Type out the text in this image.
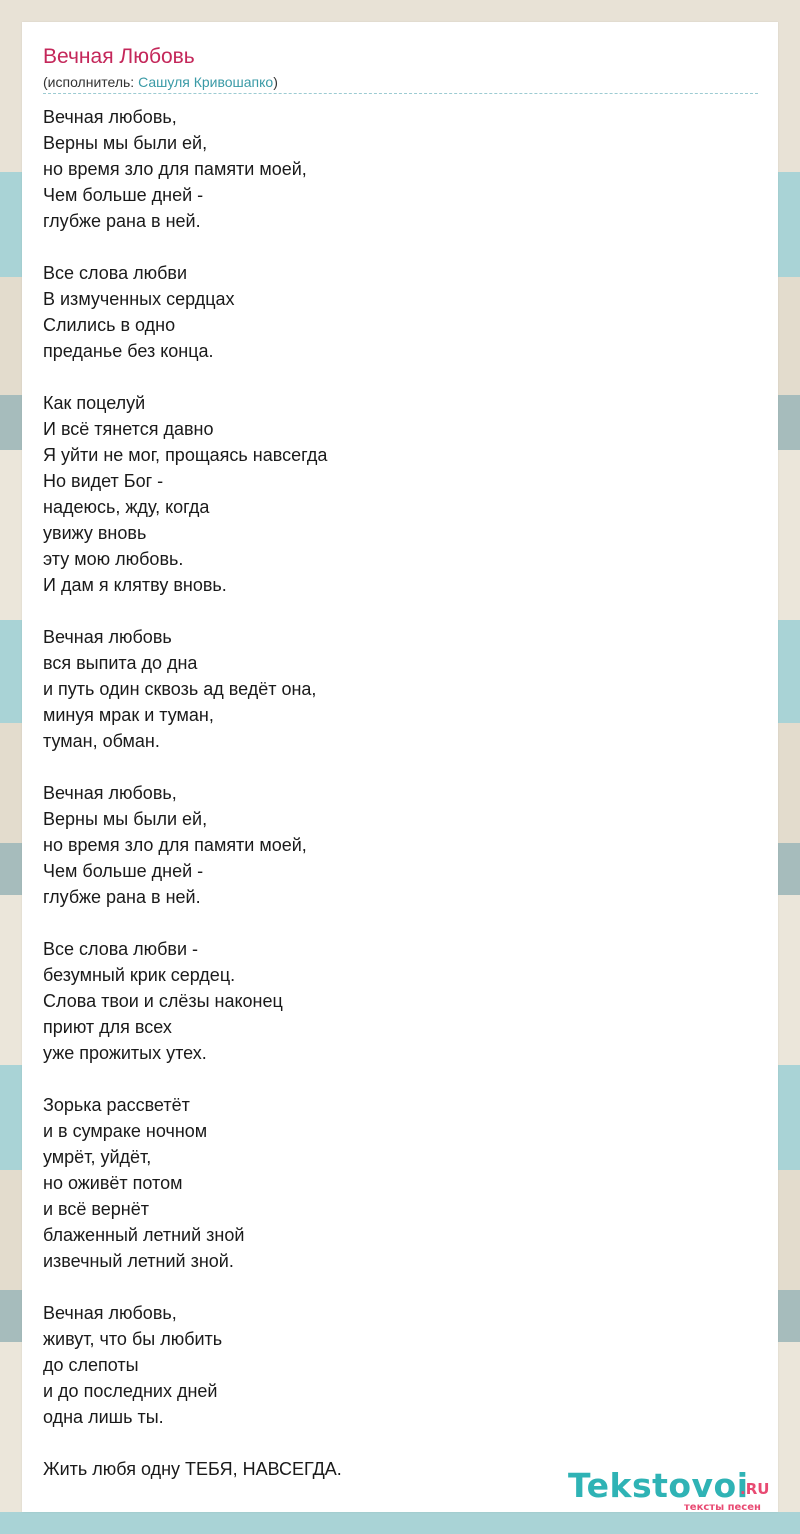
Вечная Любовь
(исполнитель: Сашуля Кривошапко)
Вечная любовь,
Верны мы были ей,
но время зло для памяти моей,
Чем больше дней -
глубже рана в ней.
Все слова любви
В измученных сердцах
Слились в одно
преданье без конца.
Как поцелуй
И всё тянется давно
Я уйти не мог, прощаясь навсегда
Но видет Бог -
надеюсь, жду, когда
увижу вновь
эту мою любовь.
И дам я клятву вновь.
Вечная любовь
вся выпита до дна
и путь один сквозь ад ведёт она,
минуя мрак и туман,
туман, обман.
Вечная любовь,
Верны мы были ей,
но время зло для памяти моей,
Чем больше дней -
глубже рана в ней.
Все слова любви -
безумный крик сердец.
Слова твои и слёзы наконец
приют для всех
уже прожитых утех.
Зорька рассветёт
и в сумраке ночном
умрёт, уйдёт,
но оживёт потом
и всё вернёт
блаженный летний зной
извечный летний зной.
Вечная любовь,
живут, что бы любить
до слепоты
и до последних дней
одна лишь ты.
Жить любя одну ТЕБЯ, НАВСЕГДА.	Tekstovoi
.RU
тексты песен
